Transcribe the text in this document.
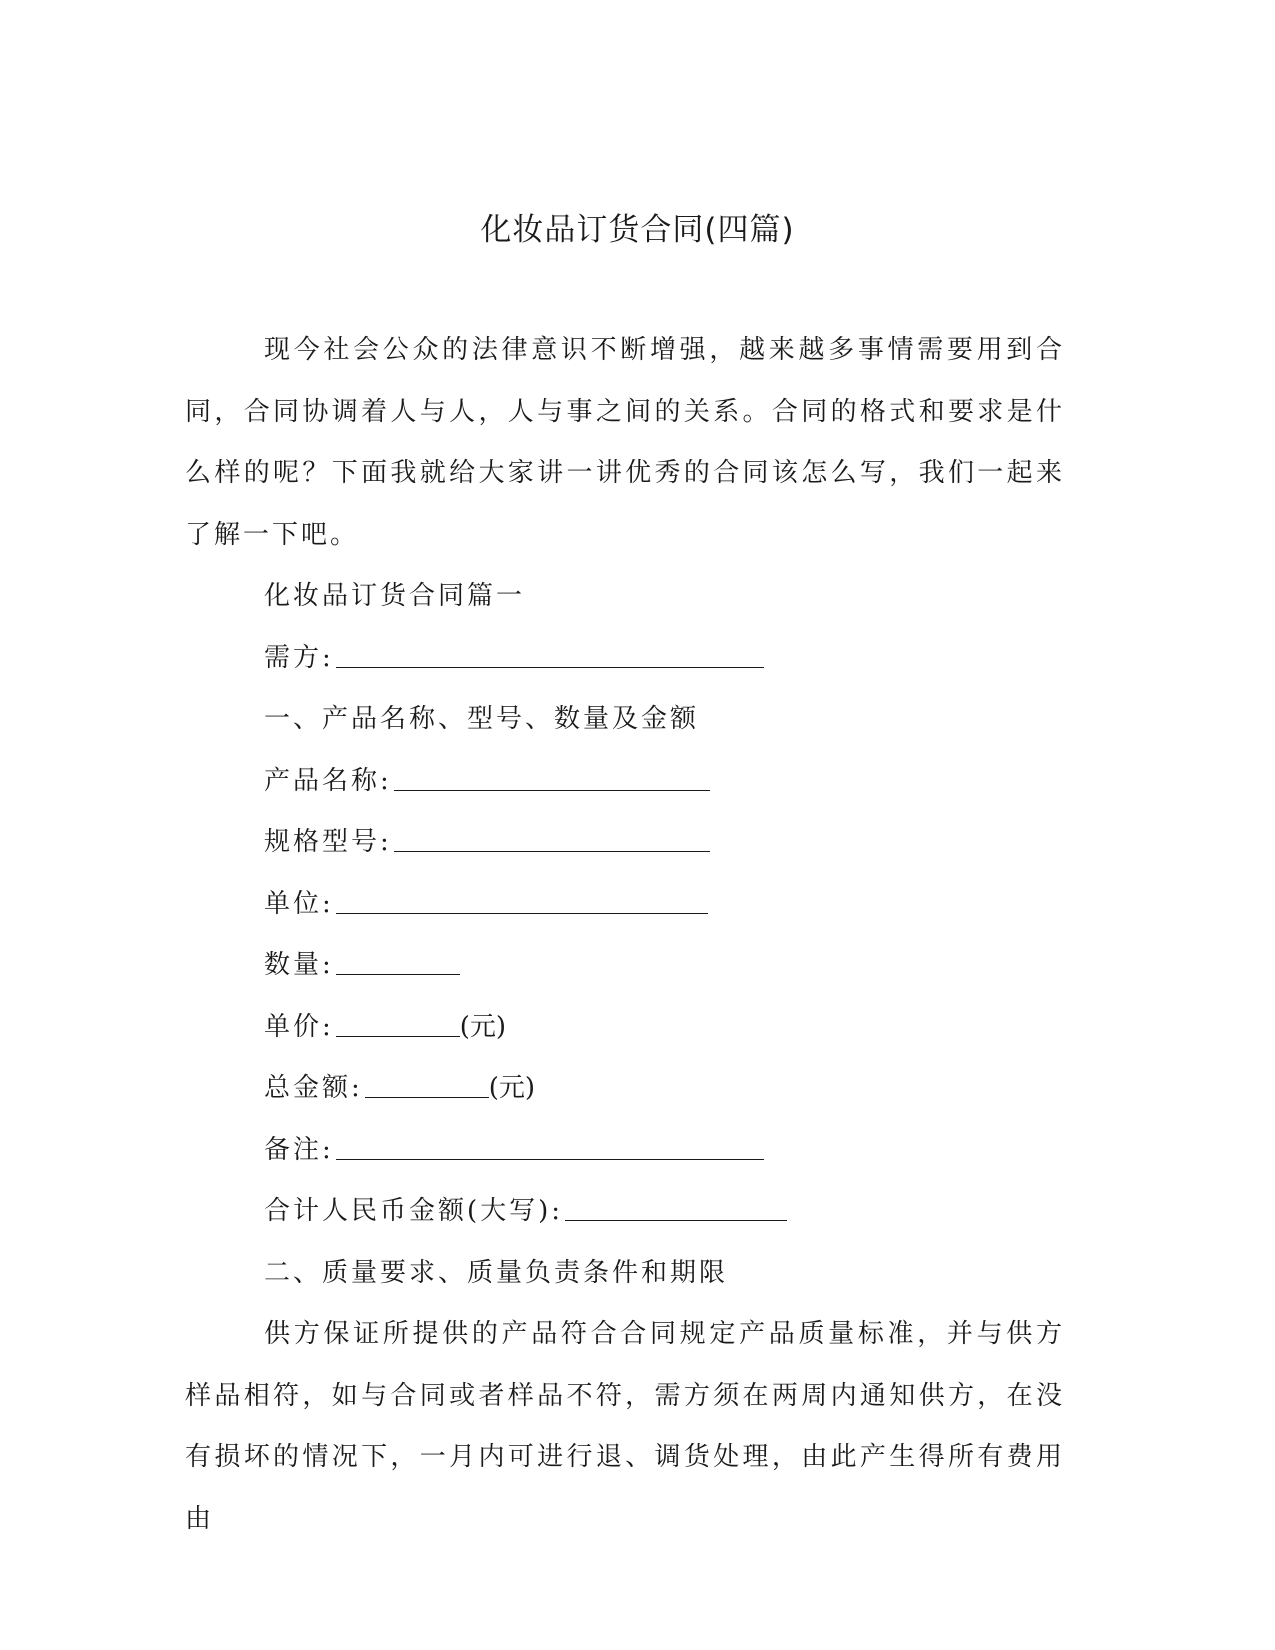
化妆品订货合同(四篇)

现今社会公众的法律意识不断增强，越来越多事情需要用到合同，合同协调着人与人，人与事之间的关系。合同的格式和要求是什么样的呢？下面我就给大家讲一讲优秀的合同该怎么写，我们一起来了解一下吧。

化妆品订货合同篇一

需方:

一、产品名称、型号、数量及金额

产品名称:

规格型号:

单位:

数量:

单价:	(元)

总金额:	(元)

备注:

合计人民币金额(大写):

二、质量要求、质量负责条件和期限

供方保证所提供的产品符合合同规定产品质量标准，并与供方样品相符，如与合同或者样品不符，需方须在两周内通知供方，在没有损坏的情况下，一月内可进行退、调货处理，由此产生得所有费用由
